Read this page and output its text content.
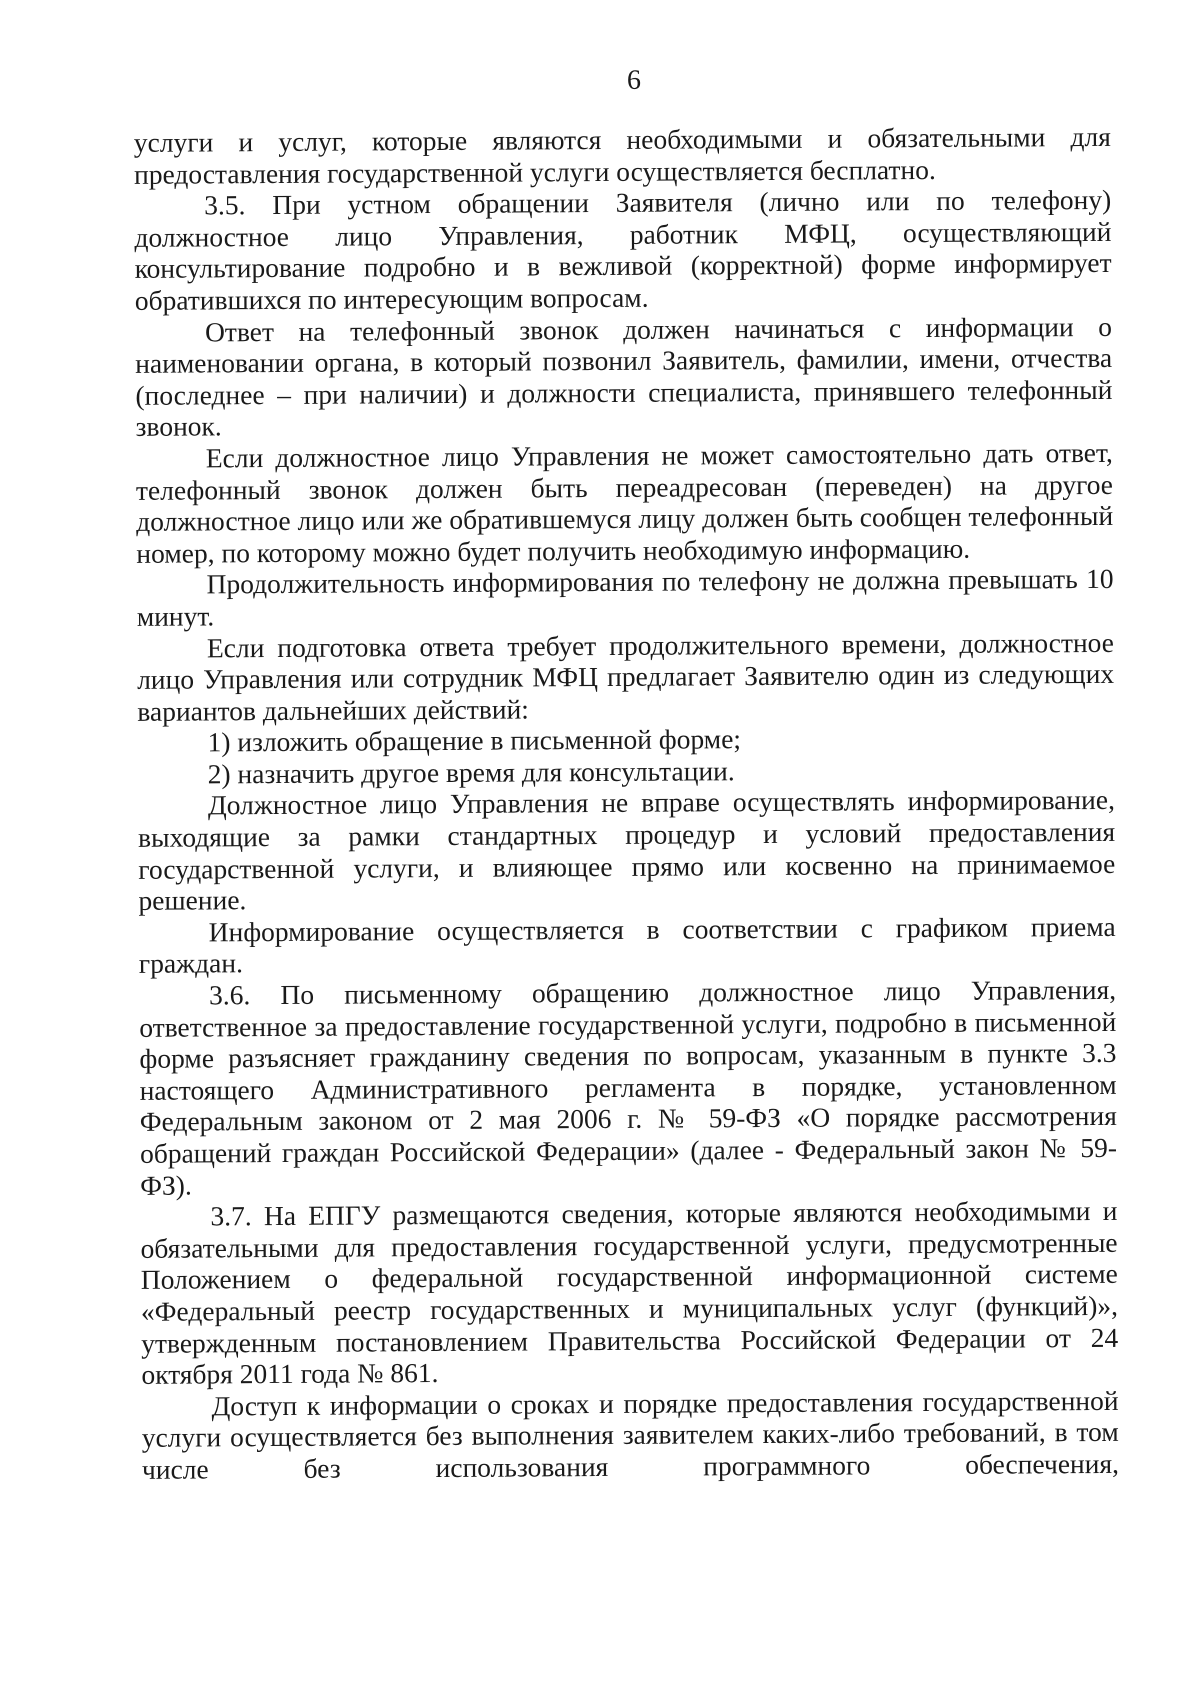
6

услуги и услуг, которые являются необходимыми и обязательными для предоставления государственной услуги осуществляется бесплатно.

3.5. При устном обращении Заявителя (лично или по телефону) должностное лицо Управления, работник МФЦ, осуществляющий консультирование подробно и в вежливой (корректной) форме информирует обратившихся по интересующим вопросам.

Ответ на телефонный звонок должен начинаться с информации о наименовании органа, в который позвонил Заявитель, фамилии, имени, отчества (последнее – при наличии) и должности специалиста, принявшего телефонный звонок.

Если должностное лицо Управления не может самостоятельно дать ответ, телефонный звонок должен быть переадресован (переведен) на другое должностное лицо или же обратившемуся лицу должен быть сообщен телефонный номер, по которому можно будет получить необходимую информацию.

Продолжительность информирования по телефону не должна превышать 10 минут.

Если подготовка ответа требует продолжительного времени, должностное лицо Управления или сотрудник МФЦ предлагает Заявителю один из следующих вариантов дальнейших действий:

1) изложить обращение в письменной форме;

2) назначить другое время для консультации.

Должностное лицо Управления не вправе осуществлять информирование, выходящие за рамки стандартных процедур и условий предоставления государственной услуги, и влияющее прямо или косвенно на принимаемое решение.

Информирование осуществляется в соответствии с графиком приема граждан.

3.6. По письменному обращению должностное лицо Управления, ответственное за предоставление государственной услуги, подробно в письменной форме разъясняет гражданину сведения по вопросам, указанным в пункте 3.3 настоящего Административного регламента в порядке, установленном Федеральным законом от 2 мая 2006 г. № 59-ФЗ «О порядке рассмотрения обращений граждан Российской Федерации» (далее - Федеральный закон № 59-ФЗ).

3.7. На ЕПГУ размещаются сведения, которые являются необходимыми и обязательными для предоставления государственной услуги, предусмотренные Положением о федеральной государственной информационной системе «Федеральный реестр государственных и муниципальных услуг (функций)», утвержденным постановлением Правительства Российской Федерации от 24 октября 2011 года № 861.

Доступ к информации о сроках и порядке предоставления государственной услуги осуществляется без выполнения заявителем каких-либо требований, в том числе без использования программного обеспечения,
